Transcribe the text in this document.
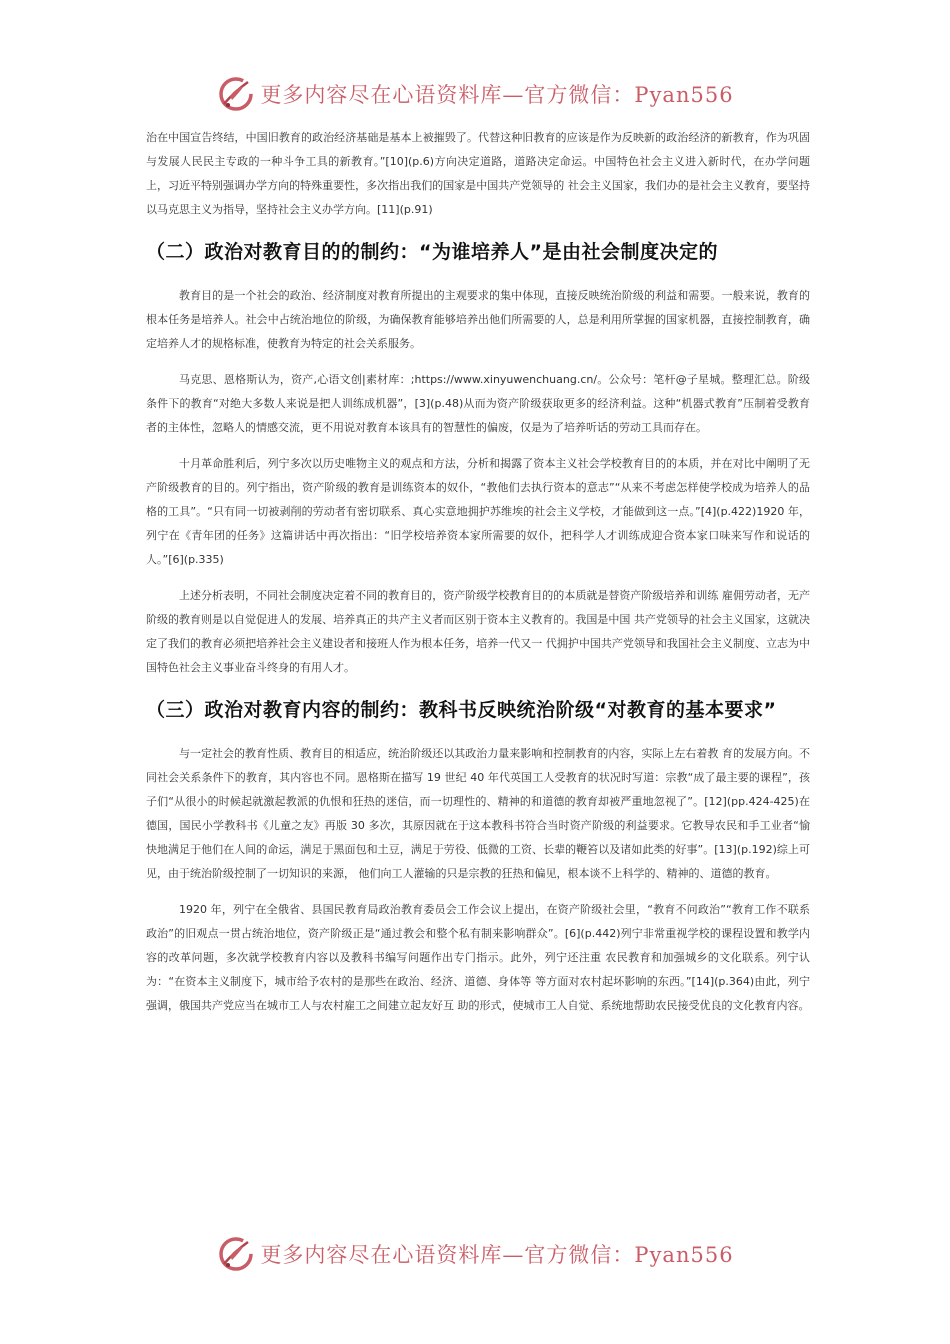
更多内容尽在心语资料库—官方微信：Pyan556

治在中国宣告终结，中国旧教育的政治经济基础是基本上被摧毁了。代替这种旧教育的应该是作为反映新的政治经济的新教育，作为巩固与发展人民民主专政的一种斗争工具的新教育。”[10](p.6)方向决定道路，道路决定命运。中国特色社会主义进入新时代，在办学问题上，习近平特别强调办学方向的特殊重要性，多次指出我们的国家是中国共产党领导的 社会主义国家，我们办的是社会主义教育，要坚持以马克思主义为指导，坚持社会主义办学方向。[11](p.91)

（二）政治对教育目的的制约：“为谁培养人”是由社会制度决定的

教育目的是一个社会的政治、经济制度对教育所提出的主观要求的集中体现，直接反映统治阶级的利益和需要。一般来说，教育的根本任务是培养人。社会中占统治地位的阶级，为确保教育能够培养出他们所需要的人，总是利用所掌握的国家机器，直接控制教育，确定培养人才的规格标准，使教育为特定的社会关系服务。

马克思、恩格斯认为，资产,心语文创|素材库：;https://www.xinyuwenchuang.cn/。公众号：笔杆@子星城。整理汇总。阶级条件下的教育“对绝大多数人来说是把人训练成机器”，[3](p.48)从而为资产阶级获取更多的经济利益。这种“机器式教育”压制着受教育者的主体性，忽略人的情感交流，更不用说对教育本该具有的智慧性的偏废，仅是为了培养听话的劳动工具而存在。

十月革命胜利后，列宁多次以历史唯物主义的观点和方法，分析和揭露了资本主义社会学校教育目的的本质，并在对比中阐明了无产阶级教育的目的。列宁指出，资产阶级的教育是训练资本的奴仆，“教他们去执行资本的意志”“从来不考虑怎样使学校成为培养人的品格的工具”。“只有同一切被剥削的劳动者有密切联系、真心实意地拥护苏维埃的社会主义学校，才能做到这一点。”[4](p.422)1920 年，列宁在《青年团的任务》这篇讲话中再次指出：“旧学校培养资本家所需要的奴仆，把科学人才训练成迎合资本家口味来写作和说话的人。”[6](p.335)

上述分析表明，不同社会制度决定着不同的教育目的，资产阶级学校教育目的的本质就是替资产阶级培养和训练 雇佣劳动者，无产阶级的教育则是以自觉促进人的发展、培养真正的共产主义者而区别于资本主义教育的。我国是中国 共产党领导的社会主义国家，这就决定了我们的教育必须把培养社会主义建设者和接班人作为根本任务，培养一代又一 代拥护中国共产党领导和我国社会主义制度、立志为中国特色社会主义事业奋斗终身的有用人才。

（三）政治对教育内容的制约：教科书反映统治阶级“对教育的基本要求”

与一定社会的教育性质、教育目的相适应，统治阶级还以其政治力量来影响和控制教育的内容，实际上左右着教 育的发展方向。不同社会关系条件下的教育，其内容也不同。恩格斯在描写 19 世纪 40 年代英国工人受教育的状况时写道：宗教“成了最主要的课程”，孩子们“从很小的时候起就激起教派的仇恨和狂热的迷信，而一切理性的、精神的和道德的教育却被严重地忽视了”。[12](pp.424-425)在德国，国民小学教科书《儿童之友》再版 30 多次，其原因就在于这本教科书符合当时资产阶级的利益要求。它教导农民和手工业者“愉快地满足于他们在人间的命运，满足于黑面包和土豆，满足于劳役、低微的工资、长辈的鞭笞以及诸如此类的好事”。[13](p.192)综上可见，由于统治阶级控制了一切知识的来源， 他们向工人灌输的只是宗教的狂热和偏见，根本谈不上科学的、精神的、道德的教育。

1920 年，列宁在全俄省、县国民教育局政治教育委员会工作会议上提出，在资产阶级社会里，“教育不问政治”“教育工作不联系政治”的旧观点一贯占统治地位，资产阶级正是“通过教会和整个私有制来影响群众”。[6](p.442)列宁非常重视学校的课程设置和教学内容的改革问题，多次就学校教育内容以及教科书编写问题作出专门指示。此外，列宁还注重 农民教育和加强城乡的文化联系。列宁认为：“在资本主义制度下，城市给予农村的是那些在政治、经济、道德、身体等 等方面对农村起坏影响的东西。”[14](p.364)由此，列宁强调，俄国共产党应当在城市工人与农村雇工之间建立起友好互 助的形式，使城市工人自觉、系统地帮助农民接受优良的文化教育内容。

更多内容尽在心语资料库—官方微信：Pyan556
